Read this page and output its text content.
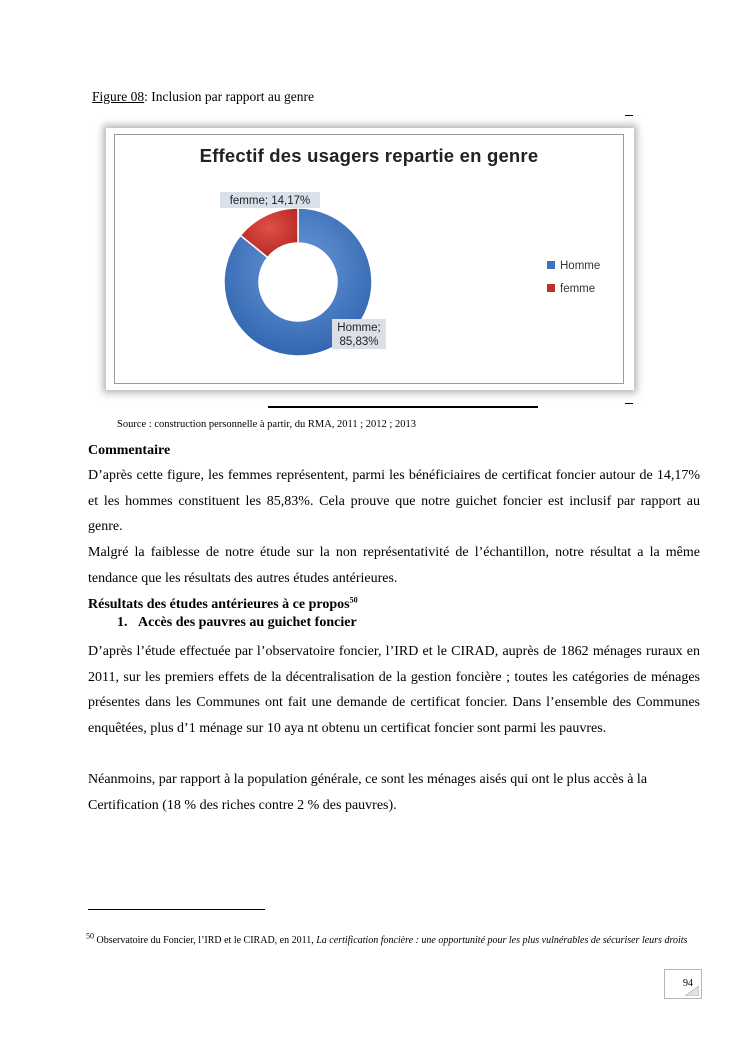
Figure 08: Inclusion par rapport au genre
Effectif des usagers repartie en genre
femme; 14,17%
Homme;
85,83%
Homme
femme
Source : construction personnelle à partir, du RMA, 2011 ; 2012 ; 2013
Commentaire
D’après cette figure, les femmes représentent, parmi les bénéficiaires de certificat foncier autour de 14,17% et les hommes constituent les 85,83%. Cela prouve que notre guichet foncier est inclusif par rapport au genre.
Malgré la faiblesse de notre étude sur la non représentativité de l’échantillon, notre résultat a la même tendance que les résultats des autres études antérieures.
Résultats des études antérieures à ce propos$^{50}$
1. Accès des pauvres au guichet foncier
D’après l’étude effectuée par l’observatoire foncier, l’IRD et le CIRAD, auprès de 1862 ménages ruraux en 2011, sur les premiers effets de la décentralisation de la gestion foncière ; toutes les catégories de ménages présentes dans les Communes ont fait une demande de certificat foncier. Dans l’ensemble des Communes enquêtées, plus d’1 ménage sur 10 aya nt obtenu un certificat foncier sont parmi les pauvres.
Néanmoins, par rapport à la population générale, ce sont les ménages aisés qui ont le plus accès à la
Certification (18 % des riches contre 2 % des pauvres).
$^{50}$ Observatoire du Foncier, l’IRD et le CIRAD, en 2011, La certification foncière : une opportunité pour les plus vulnérables de sécuriser leurs droits
94
